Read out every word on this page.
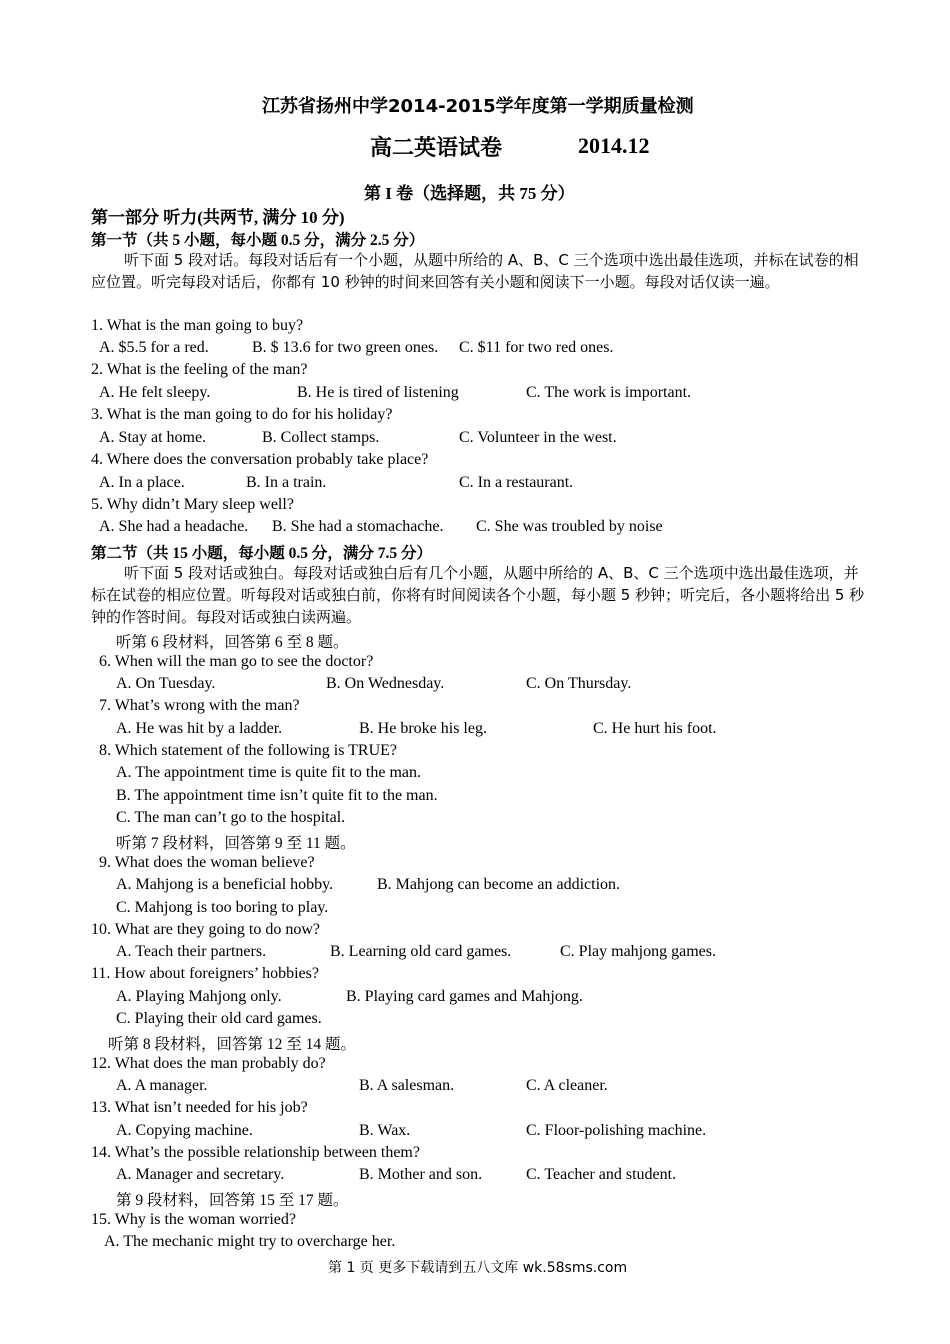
江苏省扬州中学2014-2015学年度第一学期质量检测
高二英语试卷	2014.12
第 I 卷（选择题，共 75 分）
第一部分 听力(共两节, 满分 10 分)
第一节（共 5 小题，每小题 0.5 分，满分 2.5 分）
听下面 5 段对话。每段对话后有一个小题，从题中所给的 A、B、C 三个选项中选出最佳选项，并标在试卷的相应位置。听完每段对话后，你都有 10 秒钟的时间来回答有关小题和阅读下一小题。每段对话仅读一遍。
1. What is the man going to buy?
A. $5.5 for a red.	B. $ 13.6 for two green ones. C. $11 for two red ones.
2. What is the feeling of the man?
A. He felt sleepy.	B. He is tired of listening	C. The work is important.
3. What is the man going to do for his holiday?
A. Stay at home.	B. Collect stamps.	C. Volunteer in the west.
4. Where does the conversation probably take place?
A. In a place.	B. In a train.	C. In a restaurant.
5. Why didn’t Mary sleep well?
A. She had a headache. B. She had a stomachache. C. She was troubled by noise
第二节（共 15 小题，每小题 0.5 分，满分 7.5 分）
听下面 5 段对话或独白。每段对话或独白后有几个小题，从题中所给的 A、B、C 三个选项中选出最佳选项，并标在试卷的相应位置。听每段对话或独白前，你将有时间阅读各个小题，每小题 5 秒钟；听完后，各小题将给出 5 秒钟的作答时间。每段对话或独白读两遍。
听第 6 段材料，回答第 6 至 8 题。
6. When will the man go to see the doctor?
A. On Tuesday.	B. On Wednesday.	C. On Thursday.
7. What’s wrong with the man?
A. He was hit by a ladder.	B. He broke his leg.	C. He hurt his foot.
8. Which statement of the following is TRUE?
A. The appointment time is quite fit to the man.
B. The appointment time isn’t quite fit to the man.
C. The man can’t go to the hospital.
听第 7 段材料，回答第 9 至 11 题。
9. What does the woman believe?
A. Mahjong is a beneficial hobby.	B. Mahjong can become an addiction.
C. Mahjong is too boring to play.
10. What are they going to do now?
A. Teach their partners.	B. Learning old card games.	C. Play mahjong games.
11. How about foreigners’ hobbies?
A. Playing Mahjong only.	B. Playing card games and Mahjong.
C. Playing their old card games.
听第 8 段材料，回答第 12 至 14 题。
12. What does the man probably do?
A. A manager.	B. A salesman.	C. A cleaner.
13. What isn’t needed for his job?
A. Copying machine.	B. Wax.	C. Floor-polishing machine.
14. What’s the possible relationship between them?
A. Manager and secretary.	B. Mother and son.	C. Teacher and student.
第 9 段材料，回答第 15 至 17 题。
15. Why is the woman worried?
A. The mechanic might try to overcharge her.
第 1 页 更多下载请到五八文库 wk.58sms.com
